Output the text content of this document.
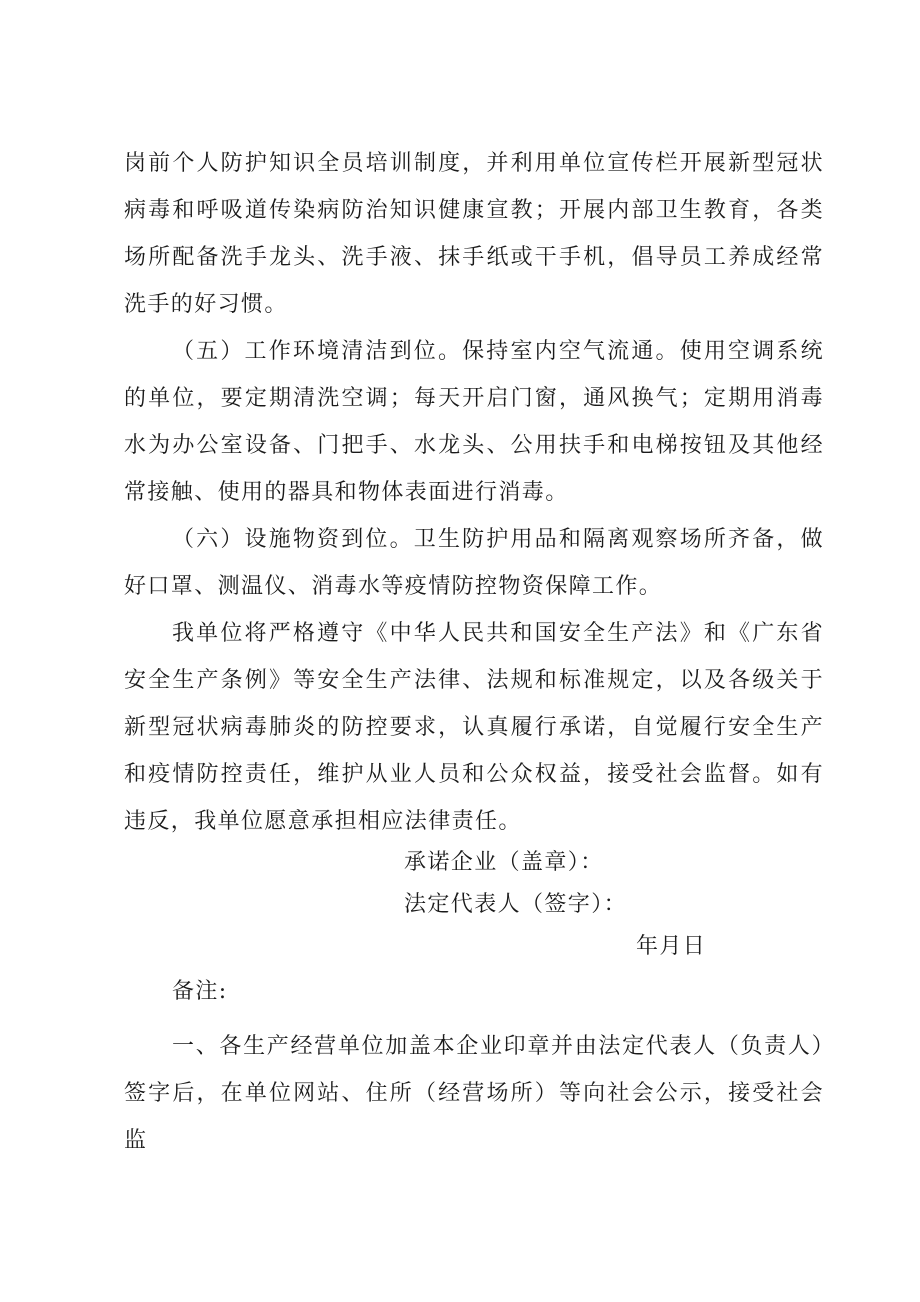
岗前个人防护知识全员培训制度，并利用单位宣传栏开展新型冠状病毒和呼吸道传染病防治知识健康宣教；开展内部卫生教育，各类场所配备洗手龙头、洗手液、抹手纸或干手机，倡导员工养成经常洗手的好习惯。

（五）工作环境清洁到位。保持室内空气流通。使用空调系统的单位，要定期清洗空调；每天开启门窗，通风换气；定期用消毒水为办公室设备、门把手、水龙头、公用扶手和电梯按钮及其他经常接触、使用的器具和物体表面进行消毒。

（六）设施物资到位。卫生防护用品和隔离观察场所齐备，做好口罩、测温仪、消毒水等疫情防控物资保障工作。

我单位将严格遵守《中华人民共和国安全生产法》和《广东省安全生产条例》等安全生产法律、法规和标准规定，以及各级关于新型冠状病毒肺炎的防控要求，认真履行承诺，自觉履行安全生产和疫情防控责任，维护从业人员和公众权益，接受社会监督。如有违反，我单位愿意承担相应法律责任。

承诺企业（盖章）：
法定代表人（签字）：
年月日

备注:

一、各生产经营单位加盖本企业印章并由法定代表人（负责人）签字后，在单位网站、住所（经营场所）等向社会公示，接受社会监
